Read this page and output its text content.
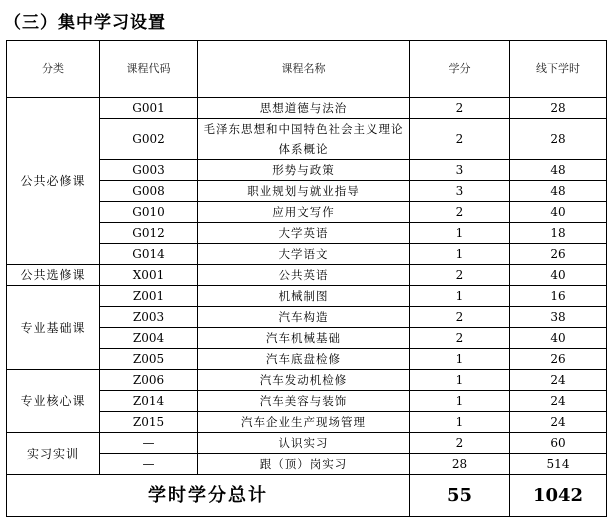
（三）集中学习设置
分类	课程代码	课程名称	学分	线下学时
公共必修课	G001	思想道德与法治	2	28
	G002	毛泽东思想和中国特色社会主义理论体系概论	2	28
	G003	形势与政策	3	48
	G008	职业规划与就业指导	3	48
	G010	应用文写作	2	40
	G012	大学英语	1	18
	G014	大学语文	1	26
公共选修课	X001	公共英语	2	40
专业基础课	Z001	机械制图	1	16
	Z003	汽车构造	2	38
	Z004	汽车机械基础	2	40
	Z005	汽车底盘检修	1	26
专业核心课	Z006	汽车发动机检修	1	24
	Z014	汽车美容与装饰	1	24
	Z015	汽车企业生产现场管理	1	24
实习实训	—	认识实习	2	60
	—	跟（顶）岗实习	28	514
学时学分总计			55	1042
